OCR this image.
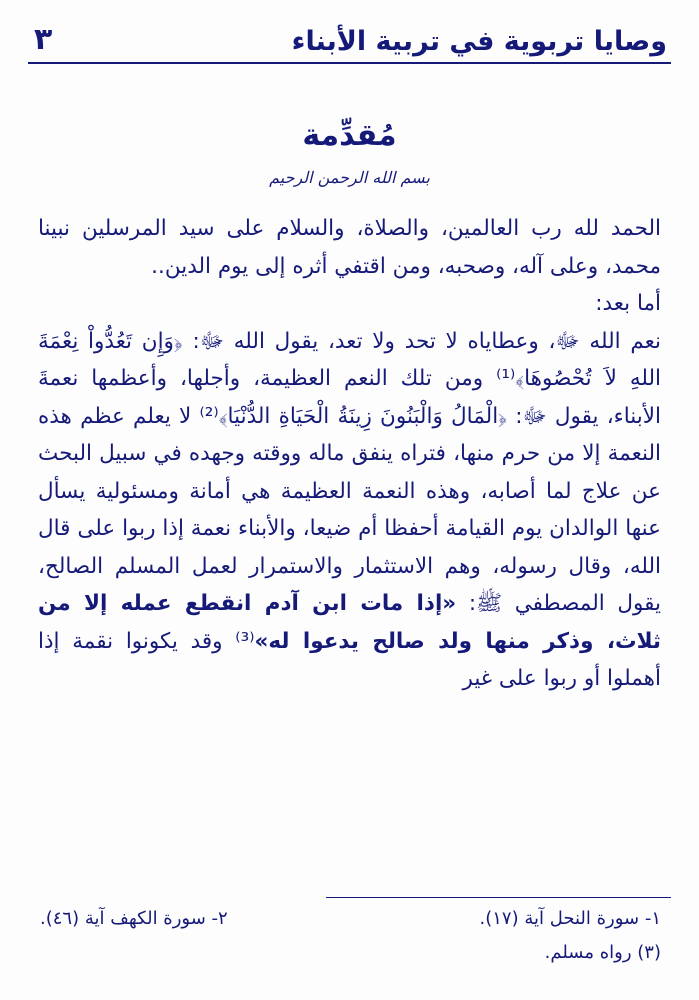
وصايا تربوية في تربية الأبناء
٣
مُقدِّمة
بسم الله الرحمن الرحيم

الحمد لله رب العالمين، والصلاة، والسلام على سيد المرسلين نبينا محمد، وعلى آله، وصحبه، ومن اقتفي أثره إلى يوم الدين..

أما بعد:

نعم الله ﷻ، وعطاياه لا تحد ولا تعد، يقول الله ﷻ: ﴿وَإِن تَعُدُّواْ نِعْمَةَ اللهِ لاَ تُحْصُوهَا﴾⁽¹⁾ ومن تلك النعم العظيمة، وأجلها، وأعظمها نعمةَ الأبناء، يقول ﷻ: ﴿الْمَالُ وَالْبَنُونَ زِينَةُ الْحَيَاةِ الدُّنْيَا﴾⁽²⁾ لا يعلم عظم هذه النعمة إلا من حرم منها، فتراه ينفق ماله ووقته وجهده في سبيل البحث عن علاج لما أصابه، وهذه النعمة العظيمة هي أمانة ومسئولية يسأل عنها الوالدان يوم القيامة أحفظا أم ضيعا، والأبناء نعمة إذا ربوا على قال الله، وقال رسوله، وهم الاستثمار والاستمرار لعمل المسلم الصالح، يقول المصطفي ﷺ: «إذا مات ابن آدم انقطع عمله إلا من ثلاث، وذكر منها ولد صالح يدعوا له»⁽³⁾ وقد يكونوا نقمة إذا أهملوا أو ربوا على غير

١- سورة النحل آية (١٧).
٢- سورة الكهف آية (٤٦).
(٣) رواه مسلم.
